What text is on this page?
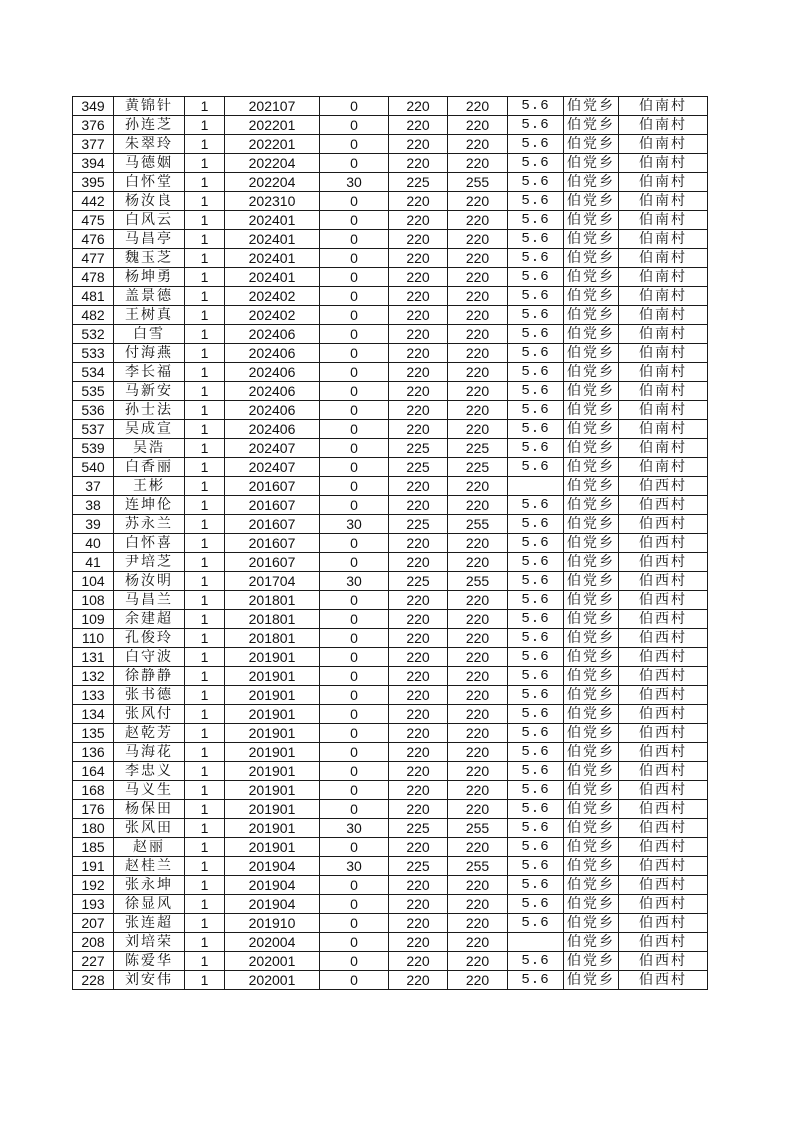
349	黄锦针	1	202107	0	220	220	5.6	伯党乡	伯南村
376	孙连芝	1	202201	0	220	220	5.6	伯党乡	伯南村
377	朱翠玲	1	202201	0	220	220	5.6	伯党乡	伯南村
394	马德姻	1	202204	0	220	220	5.6	伯党乡	伯南村
395	白怀堂	1	202204	30	225	255	5.6	伯党乡	伯南村
442	杨汝良	1	202310	0	220	220	5.6	伯党乡	伯南村
475	白风云	1	202401	0	220	220	5.6	伯党乡	伯南村
476	马昌亭	1	202401	0	220	220	5.6	伯党乡	伯南村
477	魏玉芝	1	202401	0	220	220	5.6	伯党乡	伯南村
478	杨坤勇	1	202401	0	220	220	5.6	伯党乡	伯南村
481	盖景德	1	202402	0	220	220	5.6	伯党乡	伯南村
482	王树真	1	202402	0	220	220	5.6	伯党乡	伯南村
532	白雪	1	202406	0	220	220	5.6	伯党乡	伯南村
533	付海燕	1	202406	0	220	220	5.6	伯党乡	伯南村
534	李长福	1	202406	0	220	220	5.6	伯党乡	伯南村
535	马新安	1	202406	0	220	220	5.6	伯党乡	伯南村
536	孙士法	1	202406	0	220	220	5.6	伯党乡	伯南村
537	吴成宣	1	202406	0	220	220	5.6	伯党乡	伯南村
539	吴浩	1	202407	0	225	225	5.6	伯党乡	伯南村
540	白香丽	1	202407	0	225	225	5.6	伯党乡	伯南村
37	王彬	1	201607	0	220	220		伯党乡	伯西村
38	连坤伦	1	201607	0	220	220	5.6	伯党乡	伯西村
39	苏永兰	1	201607	30	225	255	5.6	伯党乡	伯西村
40	白怀喜	1	201607	0	220	220	5.6	伯党乡	伯西村
41	尹培芝	1	201607	0	220	220	5.6	伯党乡	伯西村
104	杨汝明	1	201704	30	225	255	5.6	伯党乡	伯西村
108	马昌兰	1	201801	0	220	220	5.6	伯党乡	伯西村
109	余建超	1	201801	0	220	220	5.6	伯党乡	伯西村
110	孔俊玲	1	201801	0	220	220	5.6	伯党乡	伯西村
131	白守波	1	201901	0	220	220	5.6	伯党乡	伯西村
132	徐静静	1	201901	0	220	220	5.6	伯党乡	伯西村
133	张书德	1	201901	0	220	220	5.6	伯党乡	伯西村
134	张风付	1	201901	0	220	220	5.6	伯党乡	伯西村
135	赵乾芳	1	201901	0	220	220	5.6	伯党乡	伯西村
136	马海花	1	201901	0	220	220	5.6	伯党乡	伯西村
164	李忠义	1	201901	0	220	220	5.6	伯党乡	伯西村
168	马义生	1	201901	0	220	220	5.6	伯党乡	伯西村
176	杨保田	1	201901	0	220	220	5.6	伯党乡	伯西村
180	张风田	1	201901	30	225	255	5.6	伯党乡	伯西村
185	赵丽	1	201901	0	220	220	5.6	伯党乡	伯西村
191	赵桂兰	1	201904	30	225	255	5.6	伯党乡	伯西村
192	张永坤	1	201904	0	220	220	5.6	伯党乡	伯西村
193	徐显风	1	201904	0	220	220	5.6	伯党乡	伯西村
207	张连超	1	201910	0	220	220	5.6	伯党乡	伯西村
208	刘培荣	1	202004	0	220	220		伯党乡	伯西村
227	陈爱华	1	202001	0	220	220	5.6	伯党乡	伯西村
228	刘安伟	1	202001	0	220	220	5.6	伯党乡	伯西村
